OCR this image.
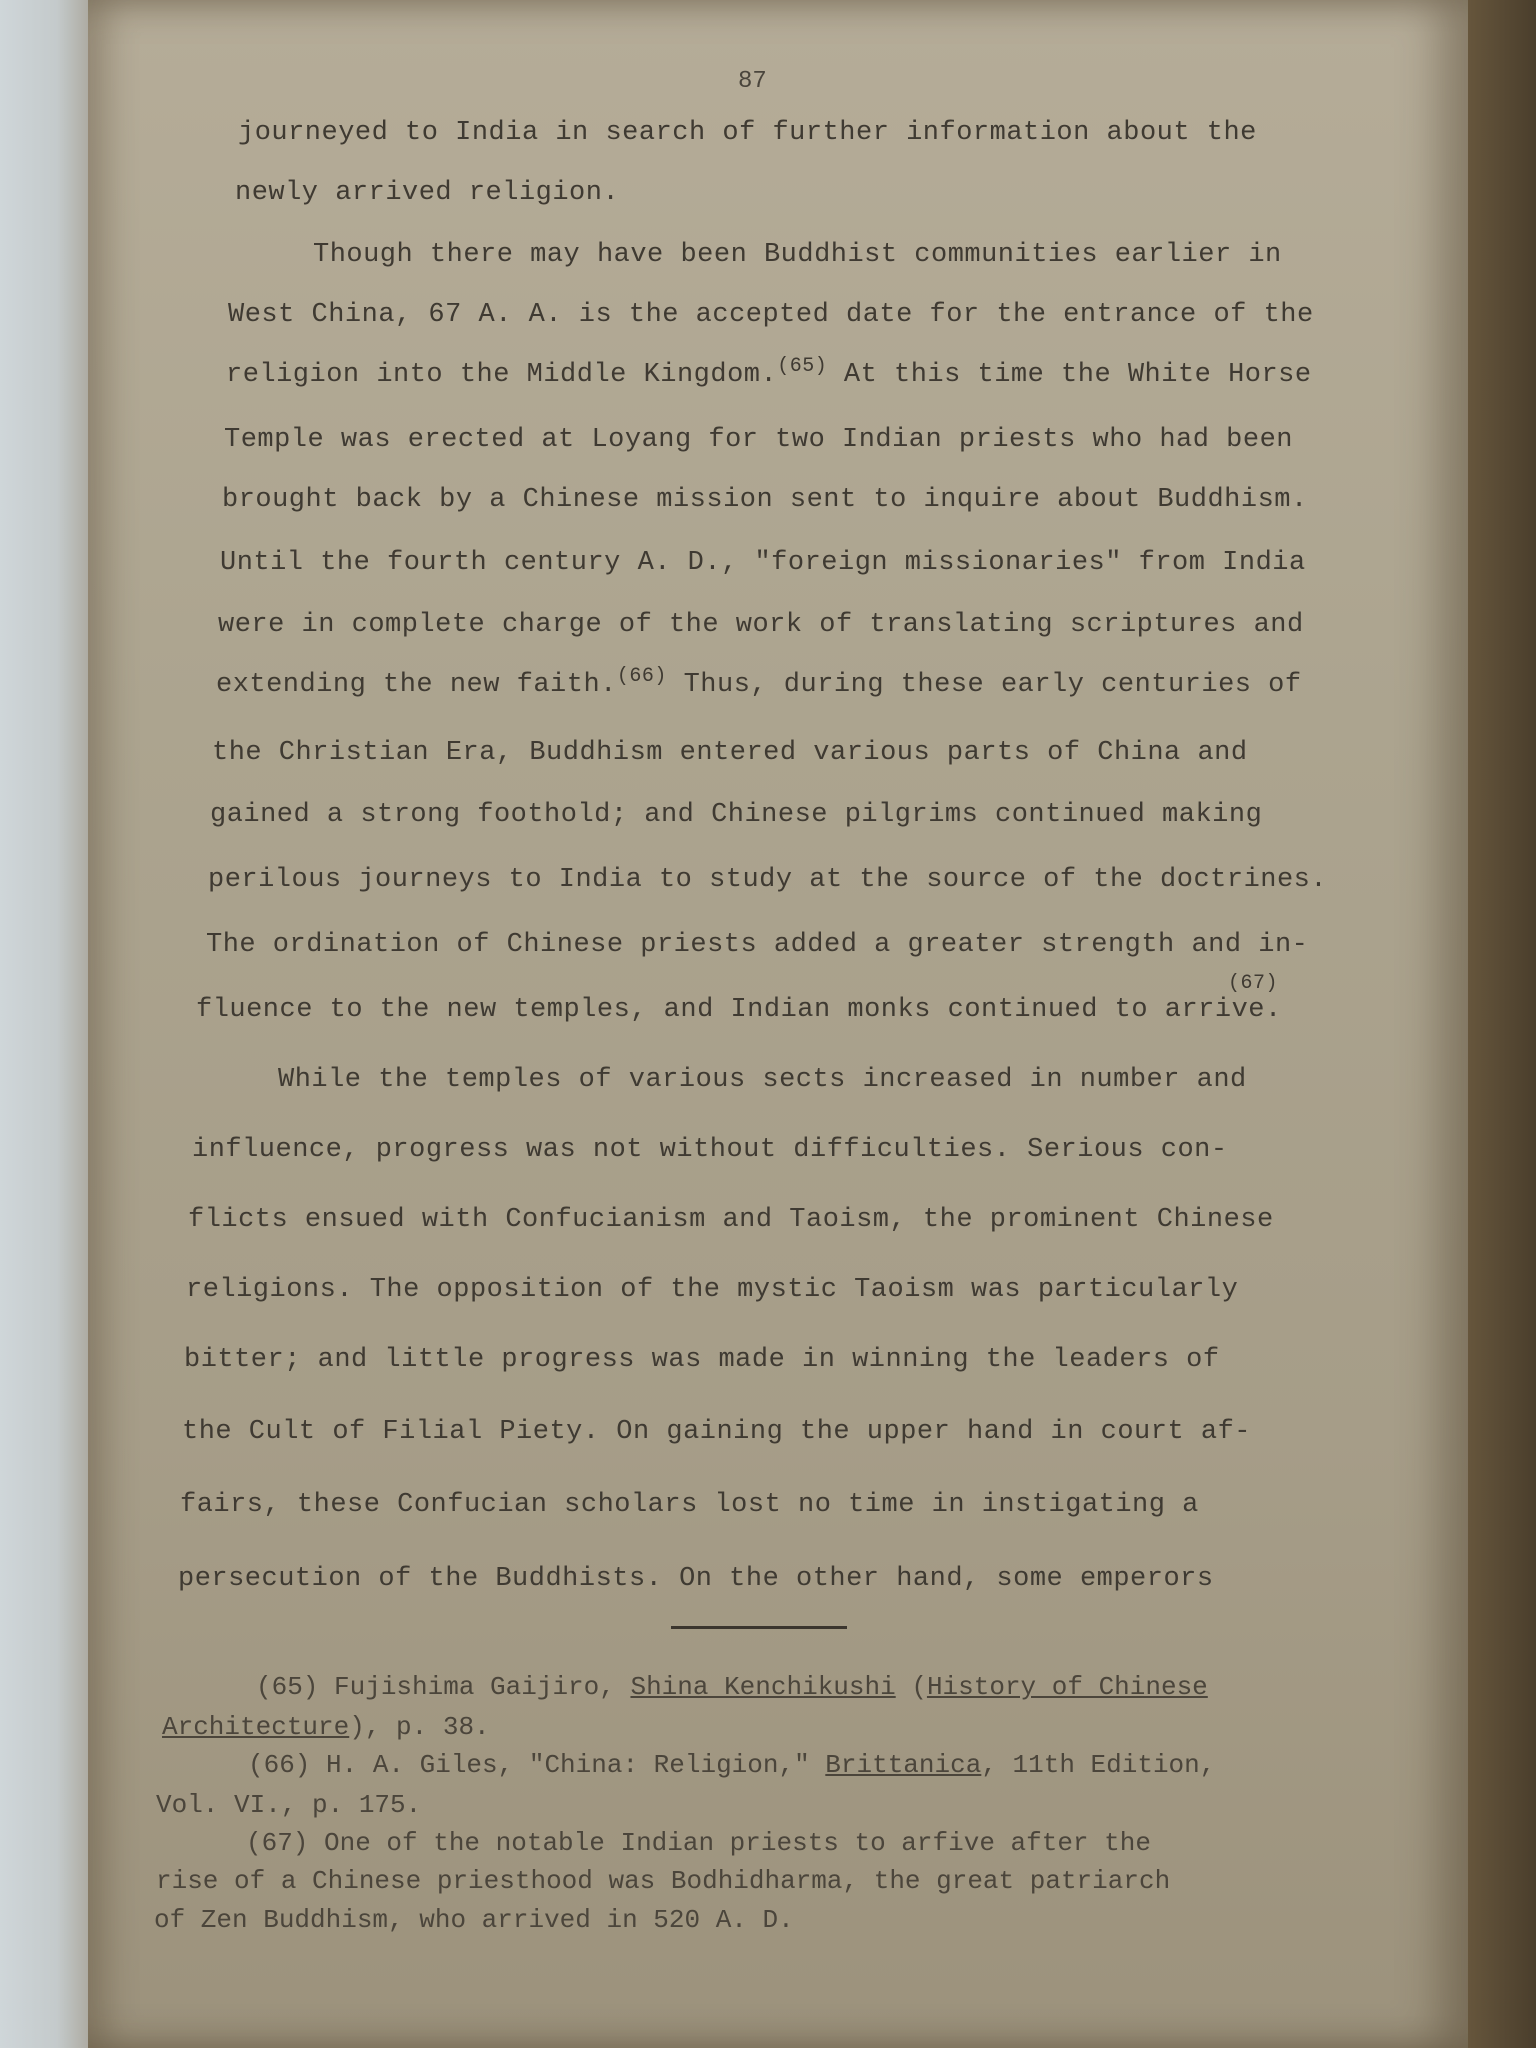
87
journeyed to India in search of further information about the
newly arrived religion.
Though there may have been Buddhist communities earlier in
West China, 67 A. A. is the accepted date for the entrance of the
religion into the Middle Kingdom.$^{(65)}$ At this time the White Horse
Temple was erected at Loyang for two Indian priests who had been
brought back by a Chinese mission sent to inquire about Buddhism.
Until the fourth century A. D., "foreign missionaries" from India
were in complete charge of the work of translating scriptures and
extending the new faith.$^{(66)}$ Thus, during these early centuries of
the Christian Era, Buddhism entered various parts of China and
gained a strong foothold; and Chinese pilgrims continued making
perilous journeys to India to study at the source of the doctrines.
The ordination of Chinese priests added a greater strength and in-
(67)
fluence to the new temples, and Indian monks continued to arrive.
While the temples of various sects increased in number and
influence, progress was not without difficulties. Serious con-
flicts ensued with Confucianism and Taoism, the prominent Chinese
religions. The opposition of the mystic Taoism was particularly
bitter; and little progress was made in winning the leaders of
the Cult of Filial Piety. On gaining the upper hand in court af-
fairs, these Confucian scholars lost no time in instigating a
persecution of the Buddhists. On the other hand, some emperors
(65) Fujishima Gaijiro, Shina Kenchikushi (History of Chinese
Architecture), p. 38.
(66) H. A. Giles, "China: Religion," Brittanica, 11th Edition,
Vol. VI., p. 175.
(67) One of the notable Indian priests to arfive after the
rise of a Chinese priesthood was Bodhidharma, the great patriarch
of Zen Buddhism, who arrived in 520 A. D.
